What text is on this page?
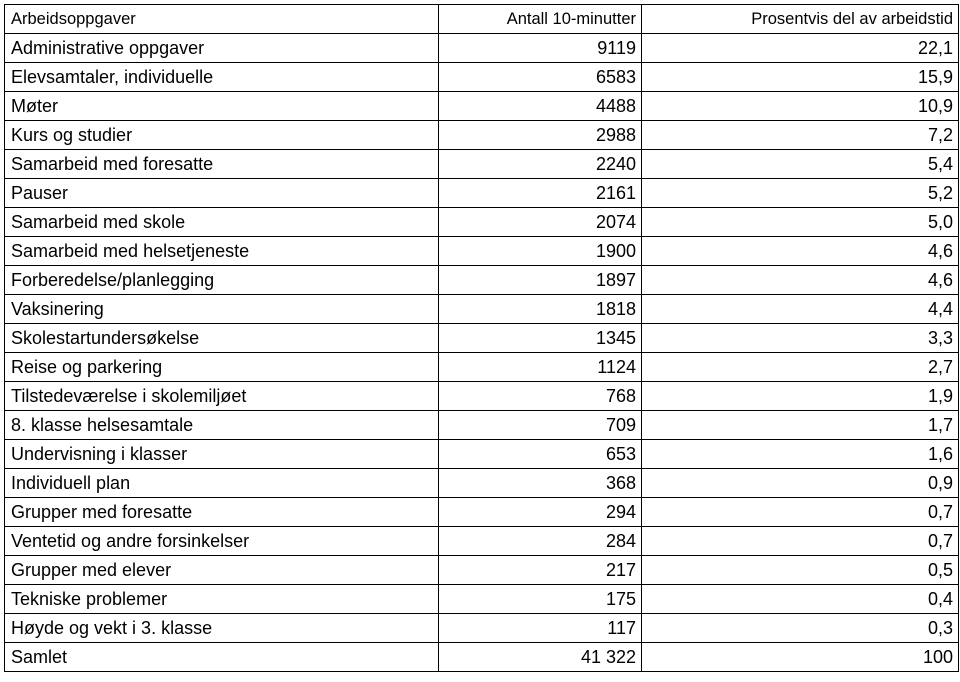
Arbeidsoppgaver	Antall 10-minutter	Prosentvis del av arbeidstid
Administrative oppgaver	9119	22,1
Elevsamtaler, individuelle	6583	15,9
Møter	4488	10,9
Kurs og studier	2988	7,2
Samarbeid med foresatte	2240	5,4
Pauser	2161	5,2
Samarbeid med skole	2074	5,0
Samarbeid med helsetjeneste	1900	4,6
Forberedelse/planlegging	1897	4,6
Vaksinering	1818	4,4
Skolestartundersøkelse	1345	3,3
Reise og parkering	1124	2,7
Tilstedeværelse i skolemiljøet	768	1,9
8. klasse helsesamtale	709	1,7
Undervisning i klasser	653	1,6
Individuell plan	368	0,9
Grupper med foresatte	294	0,7
Ventetid og andre forsinkelser	284	0,7
Grupper med elever	217	0,5
Tekniske problemer	175	0,4
Høyde og vekt i 3. klasse	117	0,3
Samlet	41 322	100
